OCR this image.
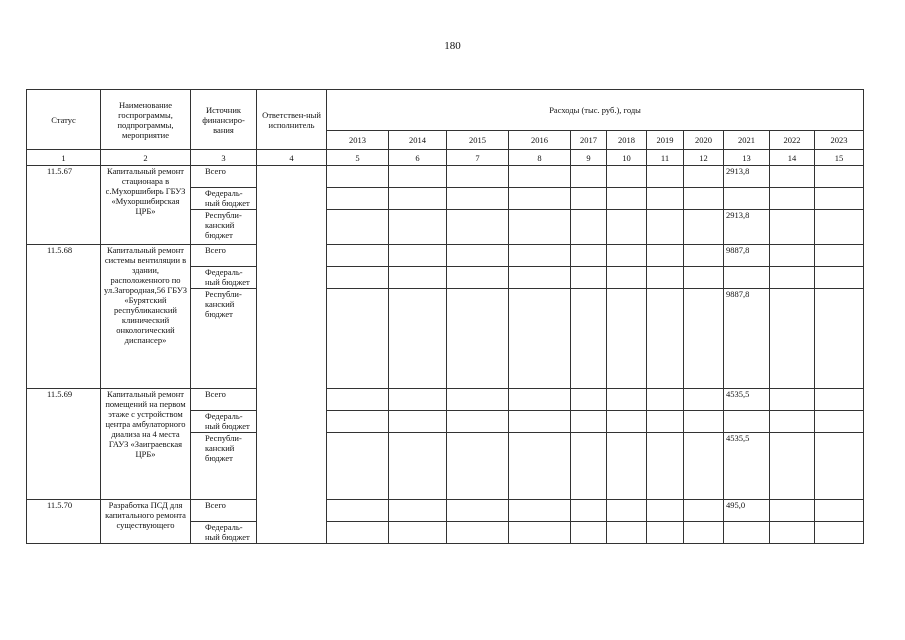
180
Статус	Наименование госпрограммы, подпрограммы, мероприятие	Источник финансиро-вания	Ответствен-ный исполнитель	Расходы (тыс. руб.), годы										
				2013	2014	2015	2016	2017	2018	2019	2020	2021	2022	2023
1	2	3	4	5	6	7	8	9	10	11	12	13	14	15
11.5.67	Капитальный ремонт стационара в с.Мухоршибирь ГБУЗ «Мухоршибирская ЦРБ»	Всего										2913,8		
		Федераль-ный бюджет												
		Республи-канский бюджет										2913,8		
11.5.68	Капитальный ремонт системы вентиляции в здании, расположенного по ул.Загородная,56 ГБУЗ «Бурятский республиканский клинический онкологический диспансер»	Всего										9887,8		
		Федераль-ный бюджет												
		Республи-канский бюджет										9887,8		
11.5.69	Капитальный ремонт помещений на первом этаже с устройством центра амбулаторного диализа на 4 места ГАУЗ «Заиграевская ЦРБ»	Всего										4535,5		
		Федераль-ный бюджет												
		Республи-канский бюджет										4535,5		
11.5.70	Разработка ПСД для капитального ремонта существующего	Всего										495,0		
		Федераль-ный бюджет												
